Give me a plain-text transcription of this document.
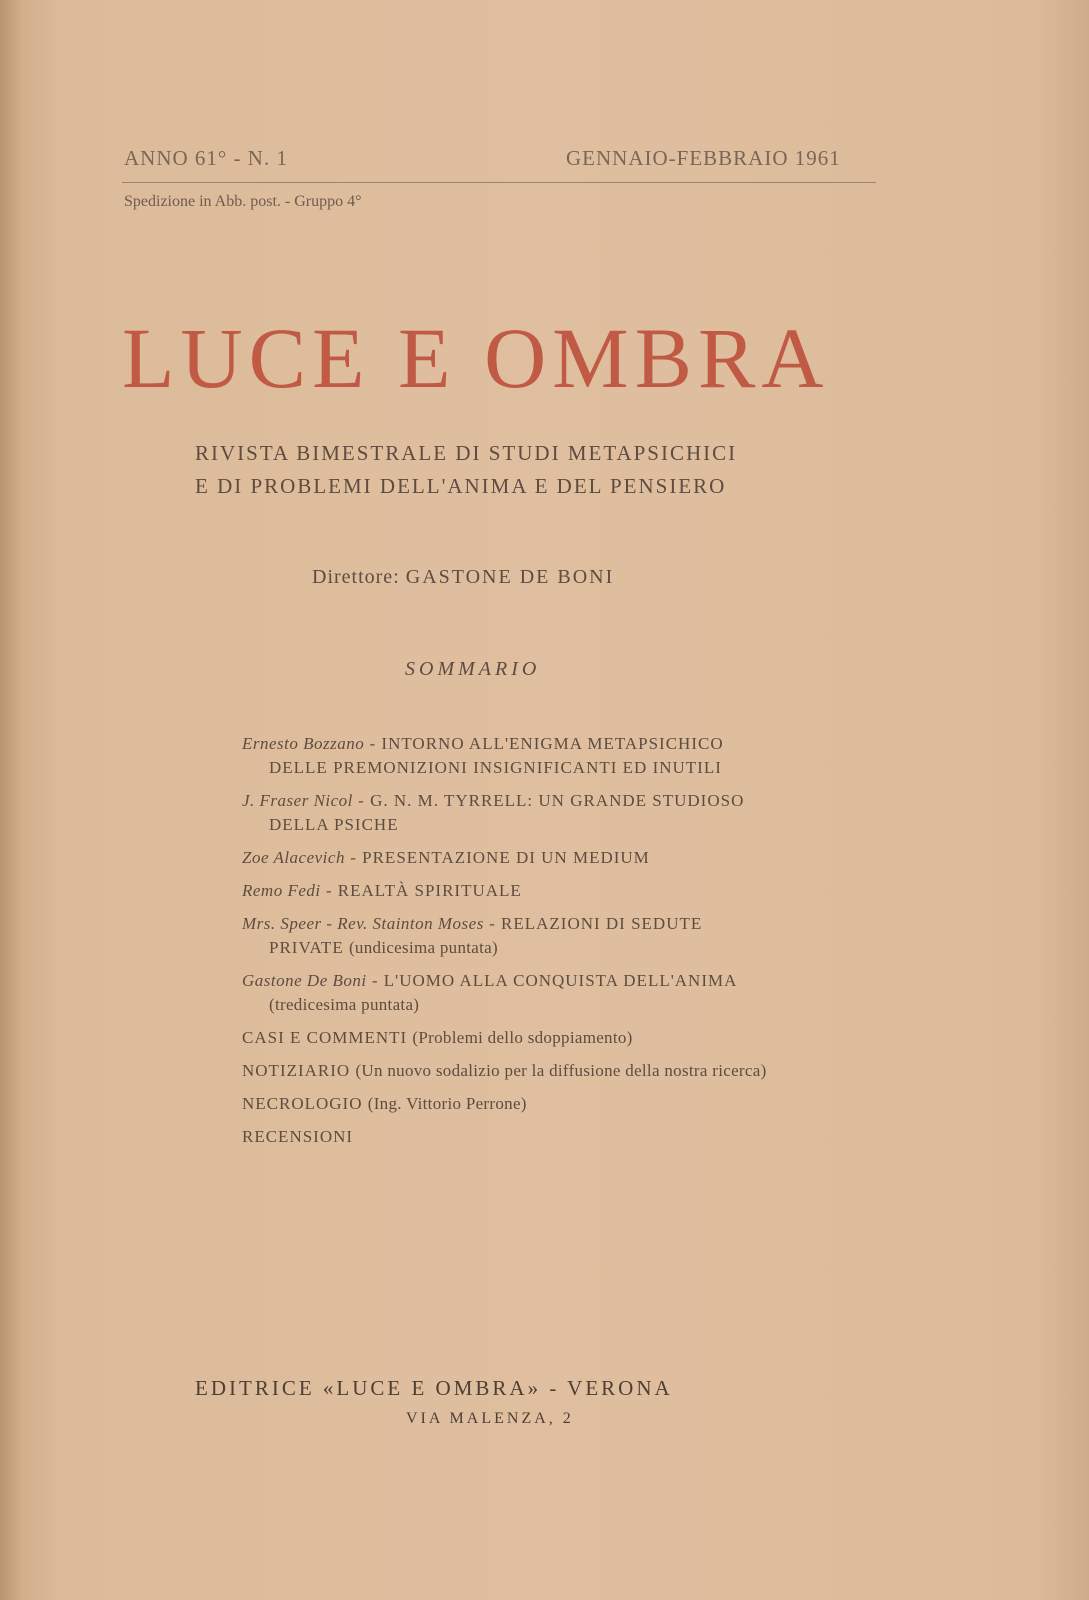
ANNO 61° - N. 1	GENNAIO-FEBBRAIO 1961
Spedizione in Abb. post. - Gruppo 4°
LUCE E OMBRA
RIVISTA BIMESTRALE DI STUDI METAPSICHICI
E DI PROBLEMI DELL'ANIMA E DEL PENSIERO
Direttore: GASTONE DE BONI
SOMMARIO
Ernesto Bozzano - INTORNO ALL'ENIGMA METAPSICHICO DELLE PREMONIZIONI INSIGNIFICANTI ED INUTILI
J. Fraser Nicol - G. N. M. TYRRELL: UN GRANDE STUDIOSO DELLA PSICHE
Zoe Alacevich - PRESENTAZIONE DI UN MEDIUM
Remo Fedi - REALTÀ SPIRITUALE
Mrs. Speer - Rev. Stainton Moses - RELAZIONI DI SEDUTE PRIVATE (undicesima puntata)
Gastone De Boni - L'UOMO ALLA CONQUISTA DELL'ANIMA (tredicesima puntata)
CASI E COMMENTI (Problemi dello sdoppiamento)
NOTIZIARIO (Un nuovo sodalizio per la diffusione della nostra ricerca)
NECROLOGIO (Ing. Vittorio Perrone)
RECENSIONI
EDITRICE «LUCE E OMBRA» - VERONA
VIA MALENZA, 2
